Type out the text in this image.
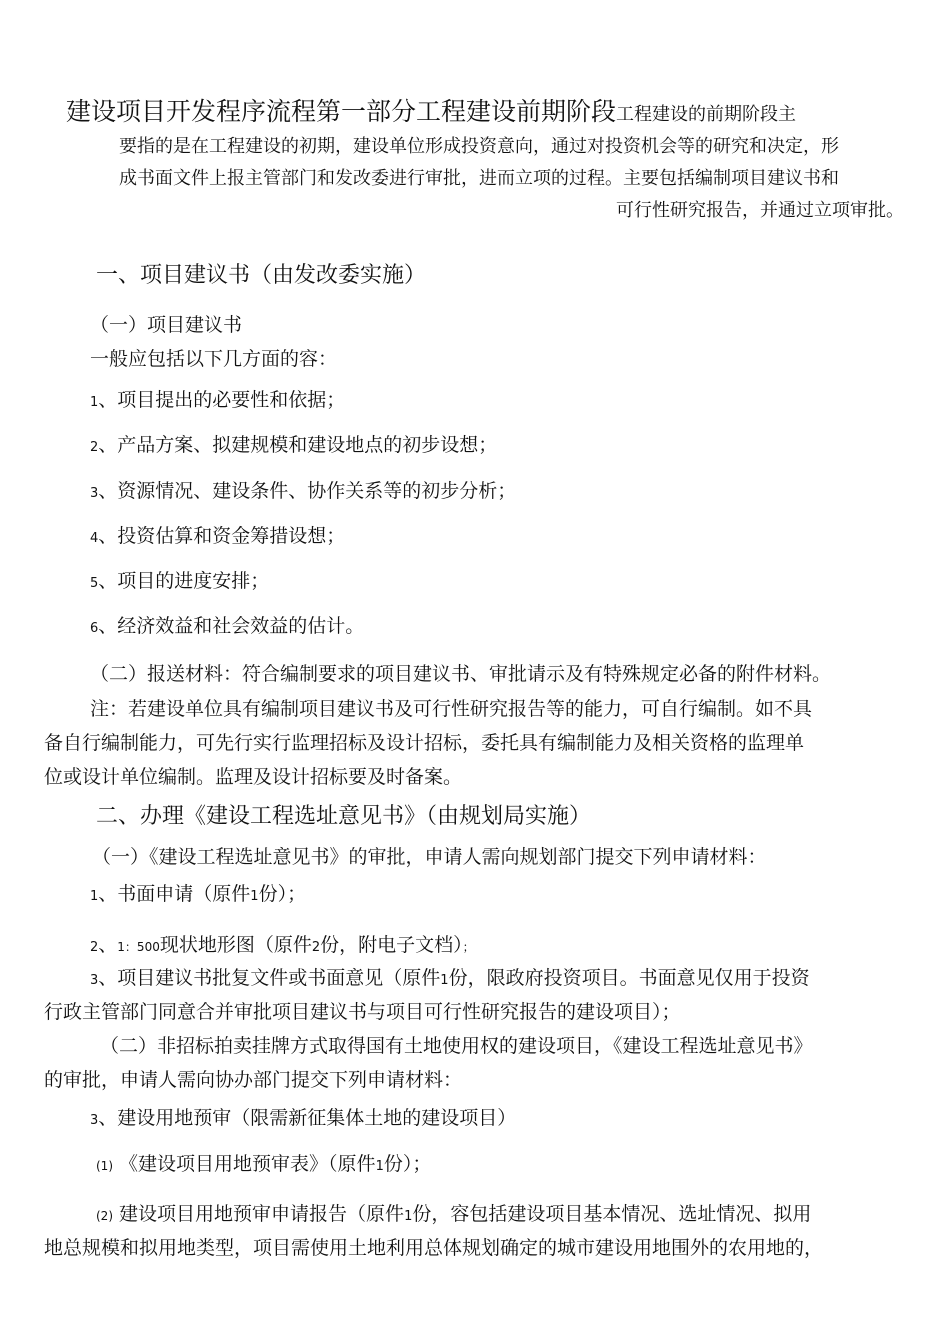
建设项目开发程序流程第一部分工程建设前期阶段工程建设的前期阶段主

要指的是在工程建设的初期，建设单位形成投资意向，通过对投资机会等的研究和决定，形

成书面文件上报主管部门和发改委进行审批，进而立项的过程。主要包括编制项目建议书和

可行性研究报告，并通过立项审批。

一、项目建议书（由发改委实施）
（一）项目建议书
一般应包括以下几方面的容：
1、项目提出的必要性和依据；
2、产品方案、拟建规模和建设地点的初步设想；
3、资源情况、建设条件、协作关系等的初步分析；
4、投资估算和资金筹措设想；
5、项目的进度安排；
6、经济效益和社会效益的估计。
（二）报送材料：符合编制要求的项目建议书、审批请示及有特殊规定必备的附件材料。
注：若建设单位具有编制项目建议书及可行性研究报告等的能力，可自行编制。如不具
备自行编制能力，可先行实行监理招标及设计招标，委托具有编制能力及相关资格的监理单
位或设计单位编制。监理及设计招标要及时备案。
二、办理《建设工程选址意见书》（由规划局实施）
（一）《建设工程选址意见书》的审批，申请人需向规划部门提交下列申请材料：
1、书面申请（原件1份）；
2、1：500现状地形图（原件2份，附电子文档）；
3、项目建议书批复文件或书面意见（原件1份，限政府投资项目。书面意见仅用于投资
行政主管部门同意合并审批项目建议书与项目可行性研究报告的建设项目）；
（二）非招标拍卖挂牌方式取得国有土地使用权的建设项目，《建设工程选址意见书》
的审批，申请人需向协办部门提交下列申请材料：
3、建设用地预审（限需新征集体土地的建设项目）
(1) 《建设项目用地预审表》（原件1份）；
(2) 建设项目用地预审申请报告（原件1份，容包括建设项目基本情况、选址情况、拟用
地总规模和拟用地类型，项目需使用土地利用总体规划确定的城市建设用地围外的农用地的，
